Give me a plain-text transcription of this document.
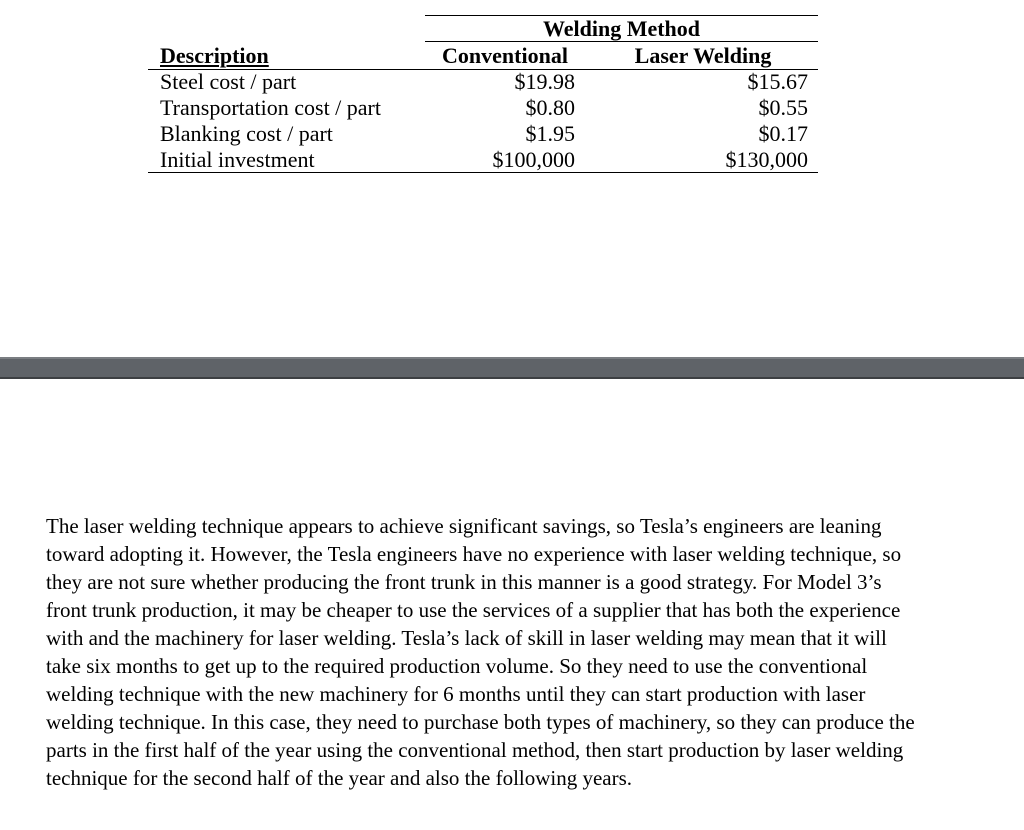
Welding Method
Description	Conventional	Laser Welding
Steel cost / part	$19.98	$15.67
Transportation cost / part	$0.80	$0.55
Blanking cost / part	$1.95	$0.17
Initial investment	$100,000	$130,000

The laser welding technique appears to achieve significant savings, so Tesla’s engineers are leaning toward adopting it. However, the Tesla engineers have no experience with laser welding technique, so they are not sure whether producing the front trunk in this manner is a good strategy. For Model 3’s front trunk production, it may be cheaper to use the services of a supplier that has both the experience with and the machinery for laser welding. Tesla’s lack of skill in laser welding may mean that it will take six months to get up to the required production volume. So they need to use the conventional welding technique with the new machinery for 6 months until they can start production with laser welding technique. In this case, they need to purchase both types of machinery, so they can produce the parts in the first half of the year using the conventional method, then start production by laser welding technique for the second half of the year and also the following years.
